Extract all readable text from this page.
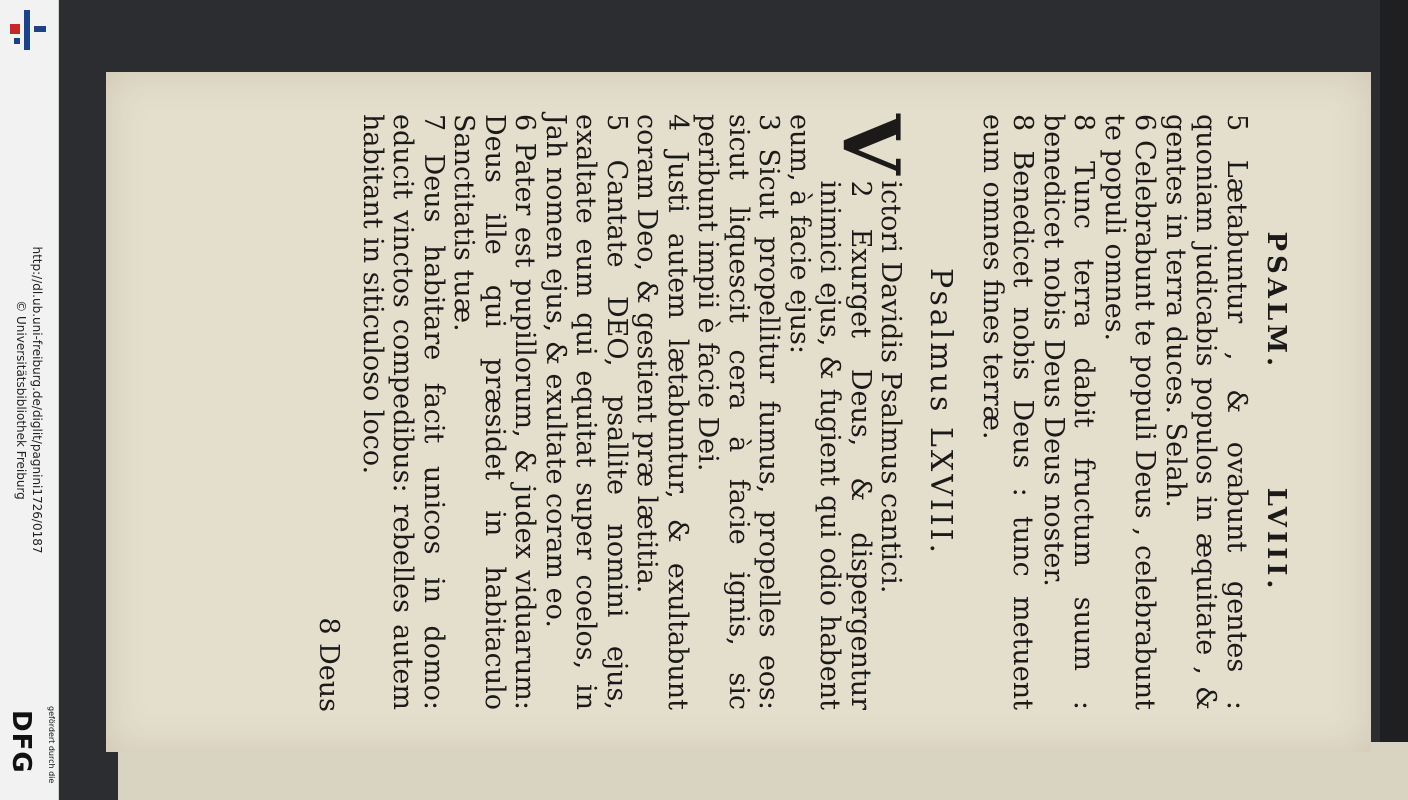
http://dl.ub.uni-freiburg.de/diglit/pagnini1726/0187
© Universitätsbibliothek Freiburg
gefördert durch die
DFG
PSALM.         LVIII.

5 Lætabuntur , & ovabunt gentes : quoniam judicabis populos in æquitate , & gentes in terra duces. Selah.

6 Celebrabunt te populi Deus , celebrabunt te populi omnes.

8 Tunc terra dabit fructum suum : benedicet nobis Deus Deus noster.

8 Benedicet nobis Deus : tunc metuent eum omnes fines terræ.

Psalmus LXVIII.
V

ictori Davidis Psalmus cantici.

2 Exurget Deus, & dispergentur inimici ejus, & fugient qui odio habent eum, à facie ejus:

3 Sicut propellitur fumus, propelles eos: sicut liquescit cera à facie ignis, sic peribunt impii è facie Dei.

4 Justi autem lætabuntur, & exultabunt coram Deo, & gestient præ lætitia.

5 Cantate DEO, psallite nomini ejus, exaltate eum qui equitat super coelos, in Jah nomen ejus, & exultate coram eo.

6 Pater est pupillorum, & judex viduarum: Deus ille qui præsidet in habitaculo Sanctitatis tuæ.

7 Deus habitare facit unicos in domo: educit vinctos compedibus: rebelles autem habitant in siticuloso loco.

8 Deus
